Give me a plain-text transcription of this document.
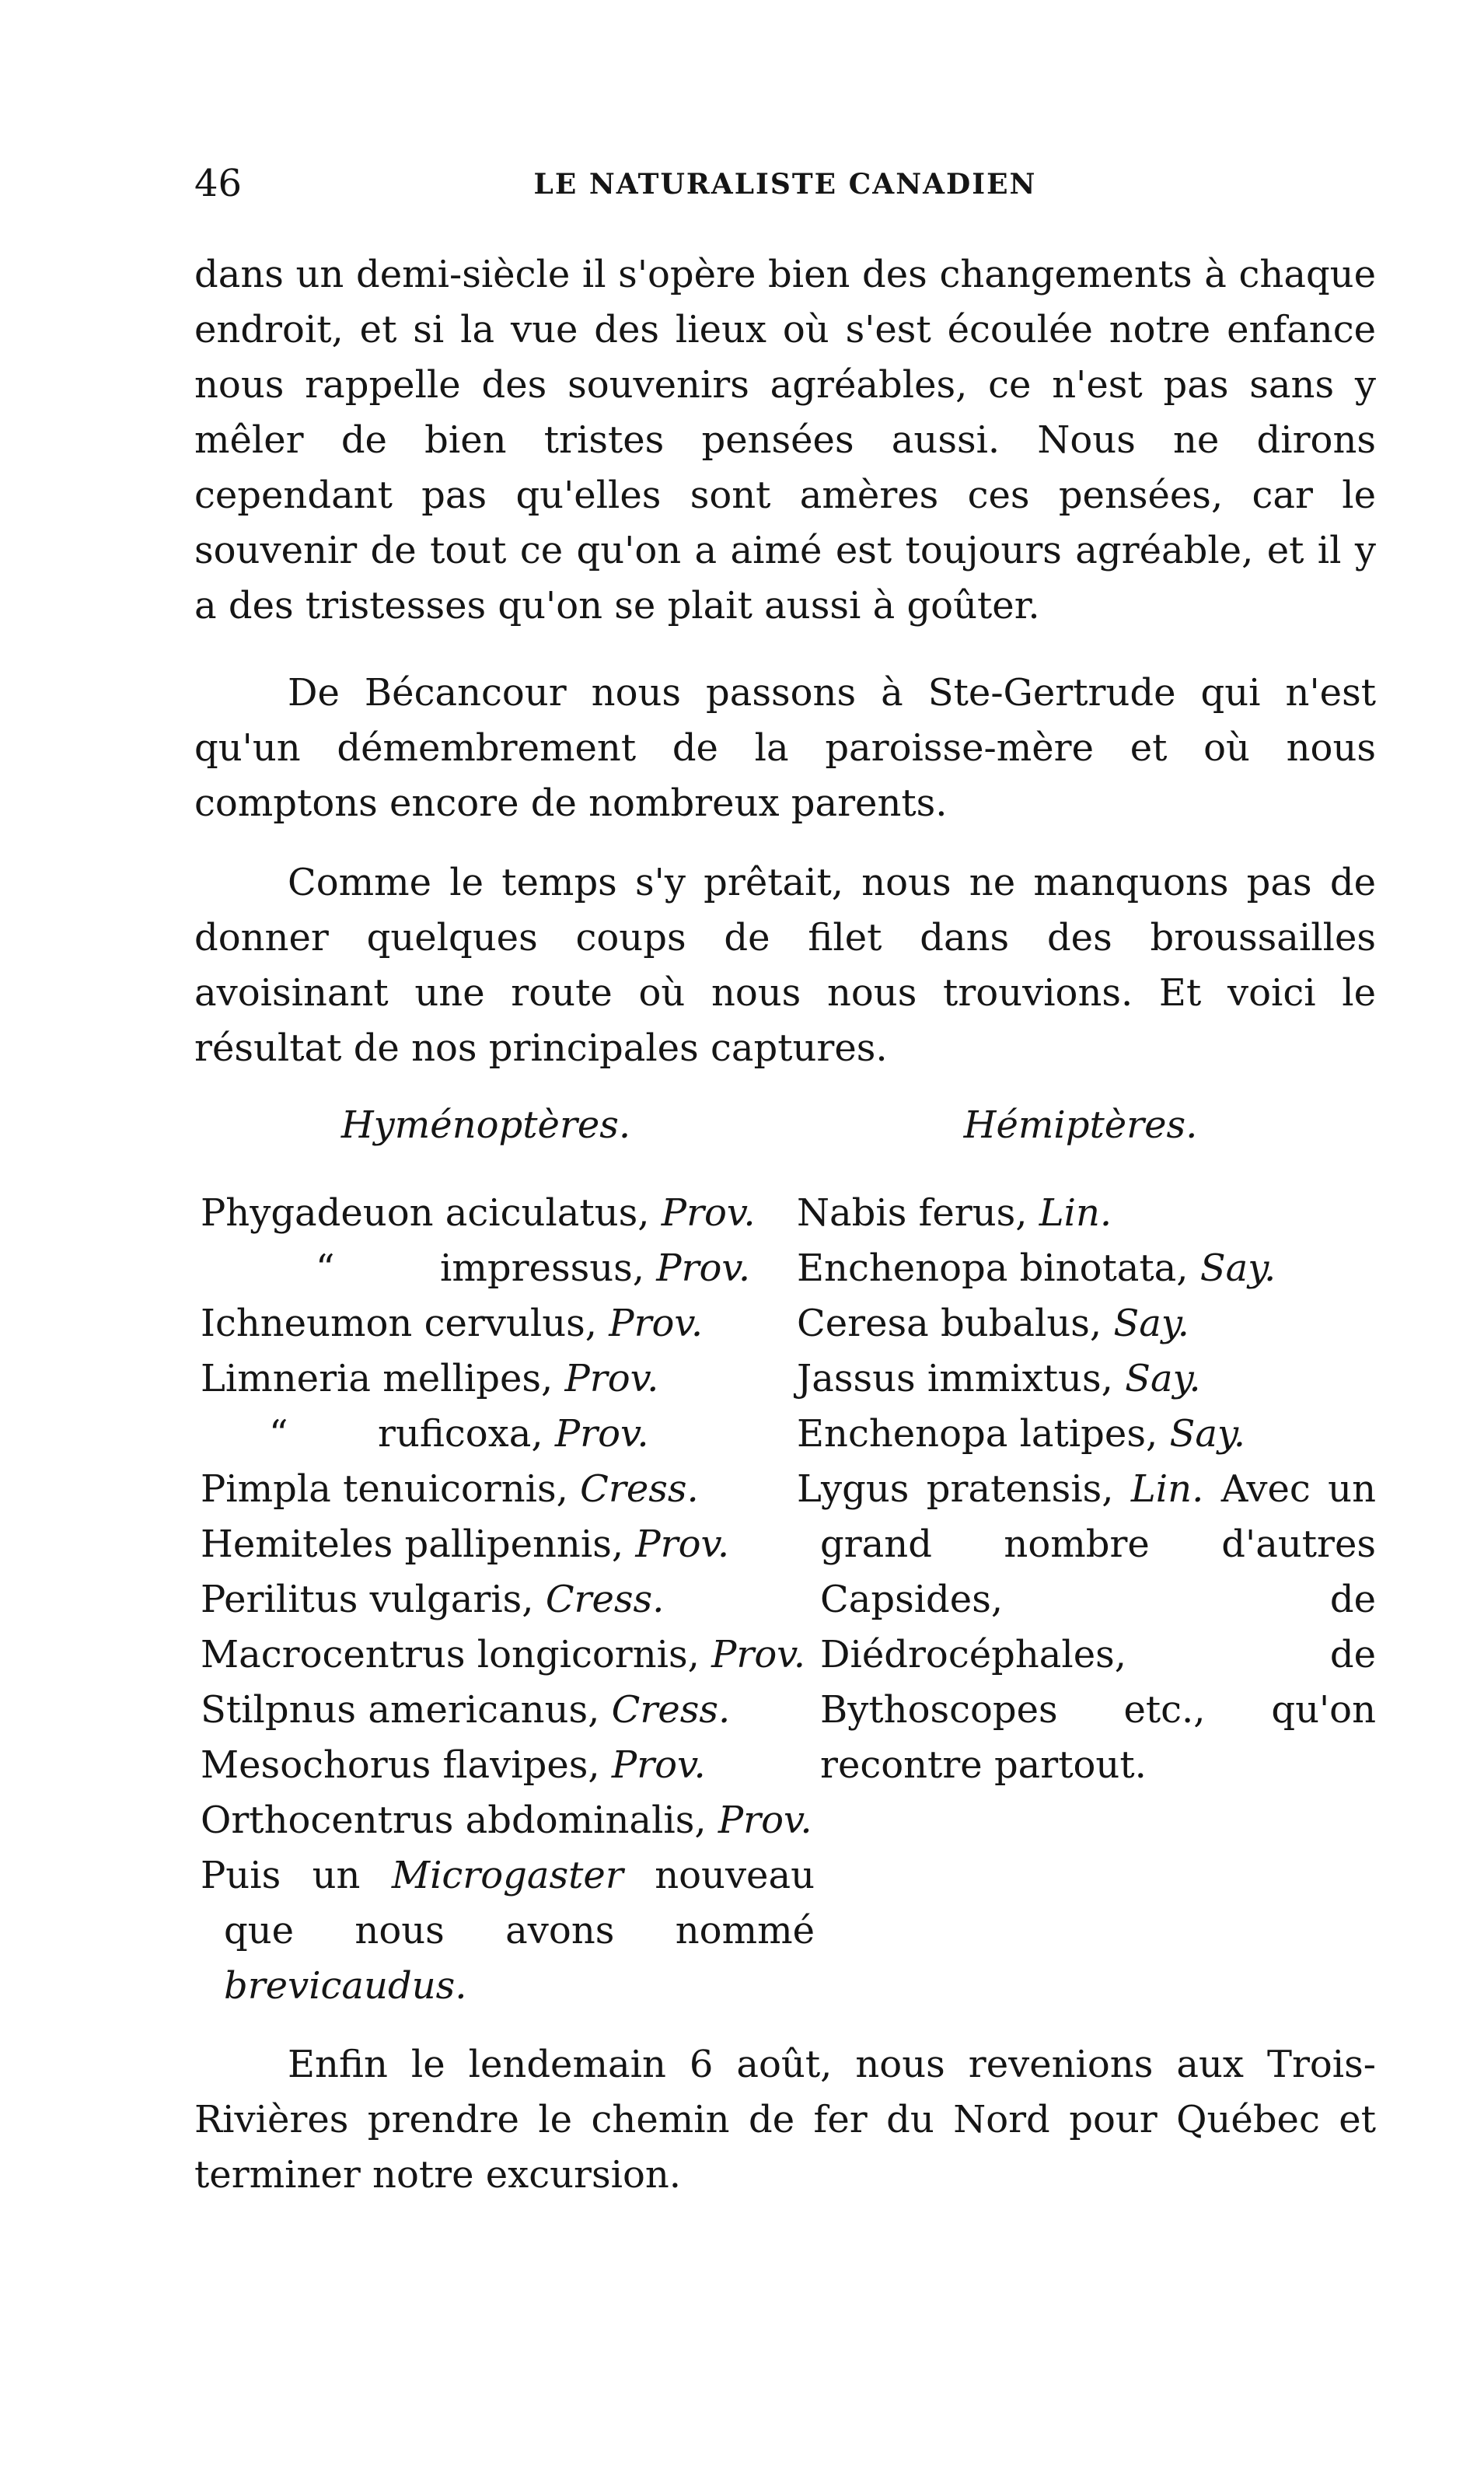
46	LE NATURALISTE CANADIEN

dans un demi-siècle il s'opère bien des changements à chaque endroit, et si la vue des lieux où s'est écoulée notre enfance nous rappelle des souvenirs agréables, ce n'est pas sans y mêler de bien tristes pensées aussi. Nous ne dirons cependant pas qu'elles sont amères ces pensées, car le souvenir de tout ce qu'on a aimé est toujours agréable, et il y a des tristesses qu'on se plait aussi à goûter.

De Bécancour nous passons à Ste-Gertrude qui n'est qu'un démembrement de la paroisse-mère et où nous comptons encore de nombreux parents.

Comme le temps s'y prêtait, nous ne manquons pas de donner quelques coups de filet dans des broussailles avoisinant une route où nous nous trouvions. Et voici le résultat de nos principales captures.

Hyménoptères.	Hémiptères.
Phygadeuon aciculatus, Prov.
“	impressus, Prov.
Ichneumon cervulus, Prov.
Limneria mellipes, Prov.
“ ruficoxa, Prov.
Pimpla tenuicornis, Cress.
Hemiteles pallipennis, Prov.
Perilitus vulgaris, Cress.
Macrocentrus longicornis, Prov.
Stilpnus americanus, Cress.
Mesochorus flavipes, Prov.
Orthocentrus abdominalis, Prov.
Puis un Microgaster nouveau que nous avons nommé brevicaudus.
Nabis ferus, Lin.
Enchenopa binotata, Say.
Ceresa bubalus, Say.
Jassus immixtus, Say.
Enchenopa latipes, Say.
Lygus pratensis, Lin. Avec un grand nombre d'autres Capsides, de Diédrocéphales, de Bythoscopes etc., qu'on recontre partout.

Enfin le lendemain 6 août, nous revenions aux Trois-Rivières prendre le chemin de fer du Nord pour Québec et terminer notre excursion.
